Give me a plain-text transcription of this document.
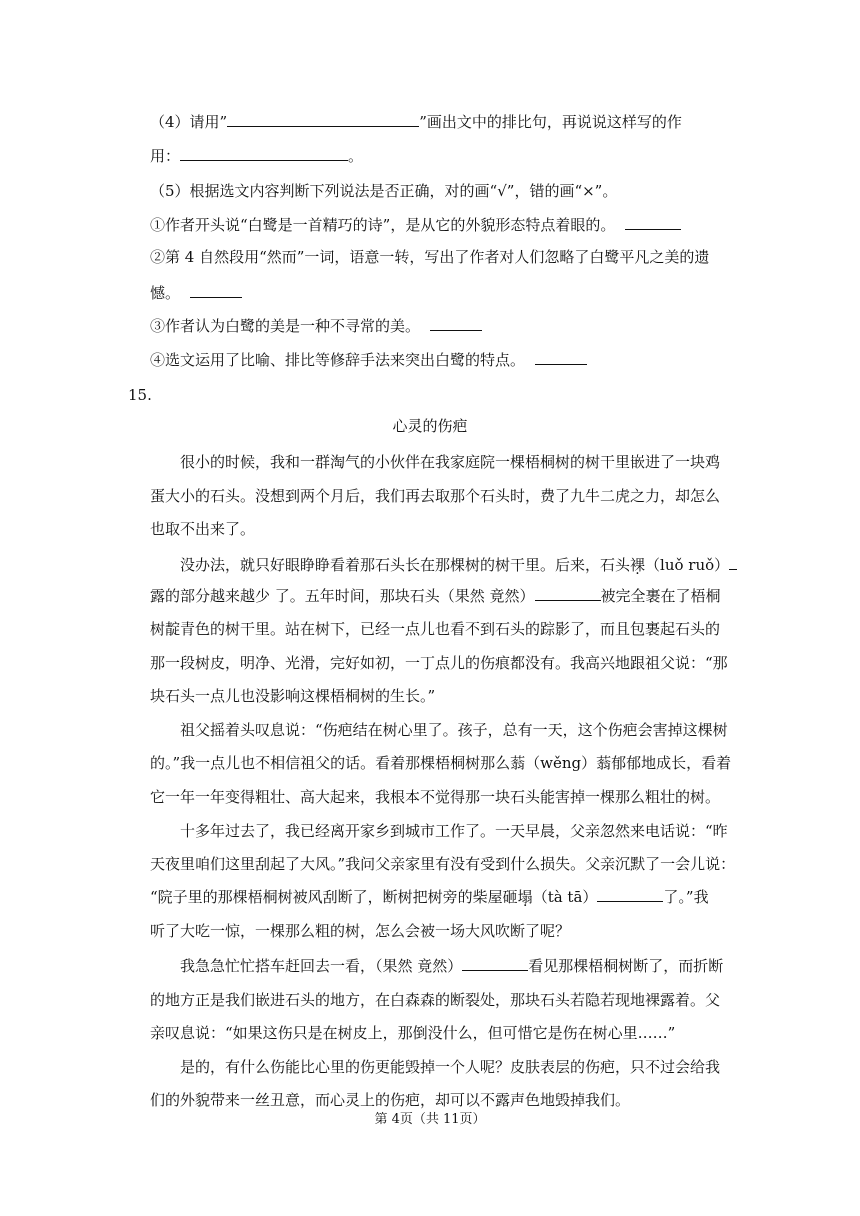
（4）请用”	”画出文中的排比句，再说说这样写的作
用：	。
（5）根据选文内容判断下列说法是否正确，对的画“√”，错的画“×”。
①作者开头说“白鹭是一首精巧的诗”，是从它的外貌形态特点着眼的。
②第 4 自然段用“然而”一词，语意一转，写出了作者对人们忽略了白鹭平凡之美的遗
憾。
③作者认为白鹭的美是一种不寻常的美。
④选文运用了比喻、排比等修辞手法来突出白鹭的特点。
15.
心灵的伤疤
很小的时候，我和一群淘气的小伙伴在我家庭院一棵梧桐树的树干里嵌进了一块鸡
蛋大小的石头。没想到两个月后，我们再去取那个石头时，费了九牛二虎之力，却怎么
也取不出来了。
没办法，就只好眼睁睁看着那石头长在那棵树的树干里。后来，石头裸（luǒ ruǒ）
露的部分越来越少 了。五年时间，那块石头（果然 竟然）	被完全裹在了梧桐
树靛青色的树干里。站在树下，已经一点儿也看不到石头的踪影了，而且包裹起石头的
那一段树皮，明净、光滑，完好如初，一丁点儿的伤痕都没有。我高兴地跟祖父说：“那
块石头一点儿也没影响这棵梧桐树的生长。”
祖父摇着头叹息说：“伤疤结在树心里了。孩子，总有一天，这个伤疤会害掉这棵树
的。”我一点儿也不相信祖父的话。看着那棵梧桐树那么蓊（wěng）蓊郁郁地成长，看着
它一年一年变得粗壮、高大起来，我根本不觉得那一块石头能害掉一棵那么粗壮的树。
十多年过去了，我已经离开家乡到城市工作了。一天早晨，父亲忽然来电话说：“昨
天夜里咱们这里刮起了大风。”我问父亲家里有没有受到什么损失。父亲沉默了一会儿说：
“院子里的那棵梧桐树被风刮断了，断树把树旁的柴屋砸塌（tà tā）	了。”我
听了大吃一惊，一棵那么粗的树，怎么会被一场大风吹断了呢？
我急急忙忙搭车赶回去一看，（果然 竟然）	看见那棵梧桐树断了，而折断
的地方正是我们嵌进石头的地方，在白森森的断裂处，那块石头若隐若现地裸露着。父
亲叹息说：“如果这伤只是在树皮上，那倒没什么，但可惜它是伤在树心里……”
是的，有什么伤能比心里的伤更能毁掉一个人呢？皮肤表层的伤疤，只不过会给我
们的外貌带来一丝丑意，而心灵上的伤疤，却可以不露声色地毁掉我们。
第 4页（共 11页）
